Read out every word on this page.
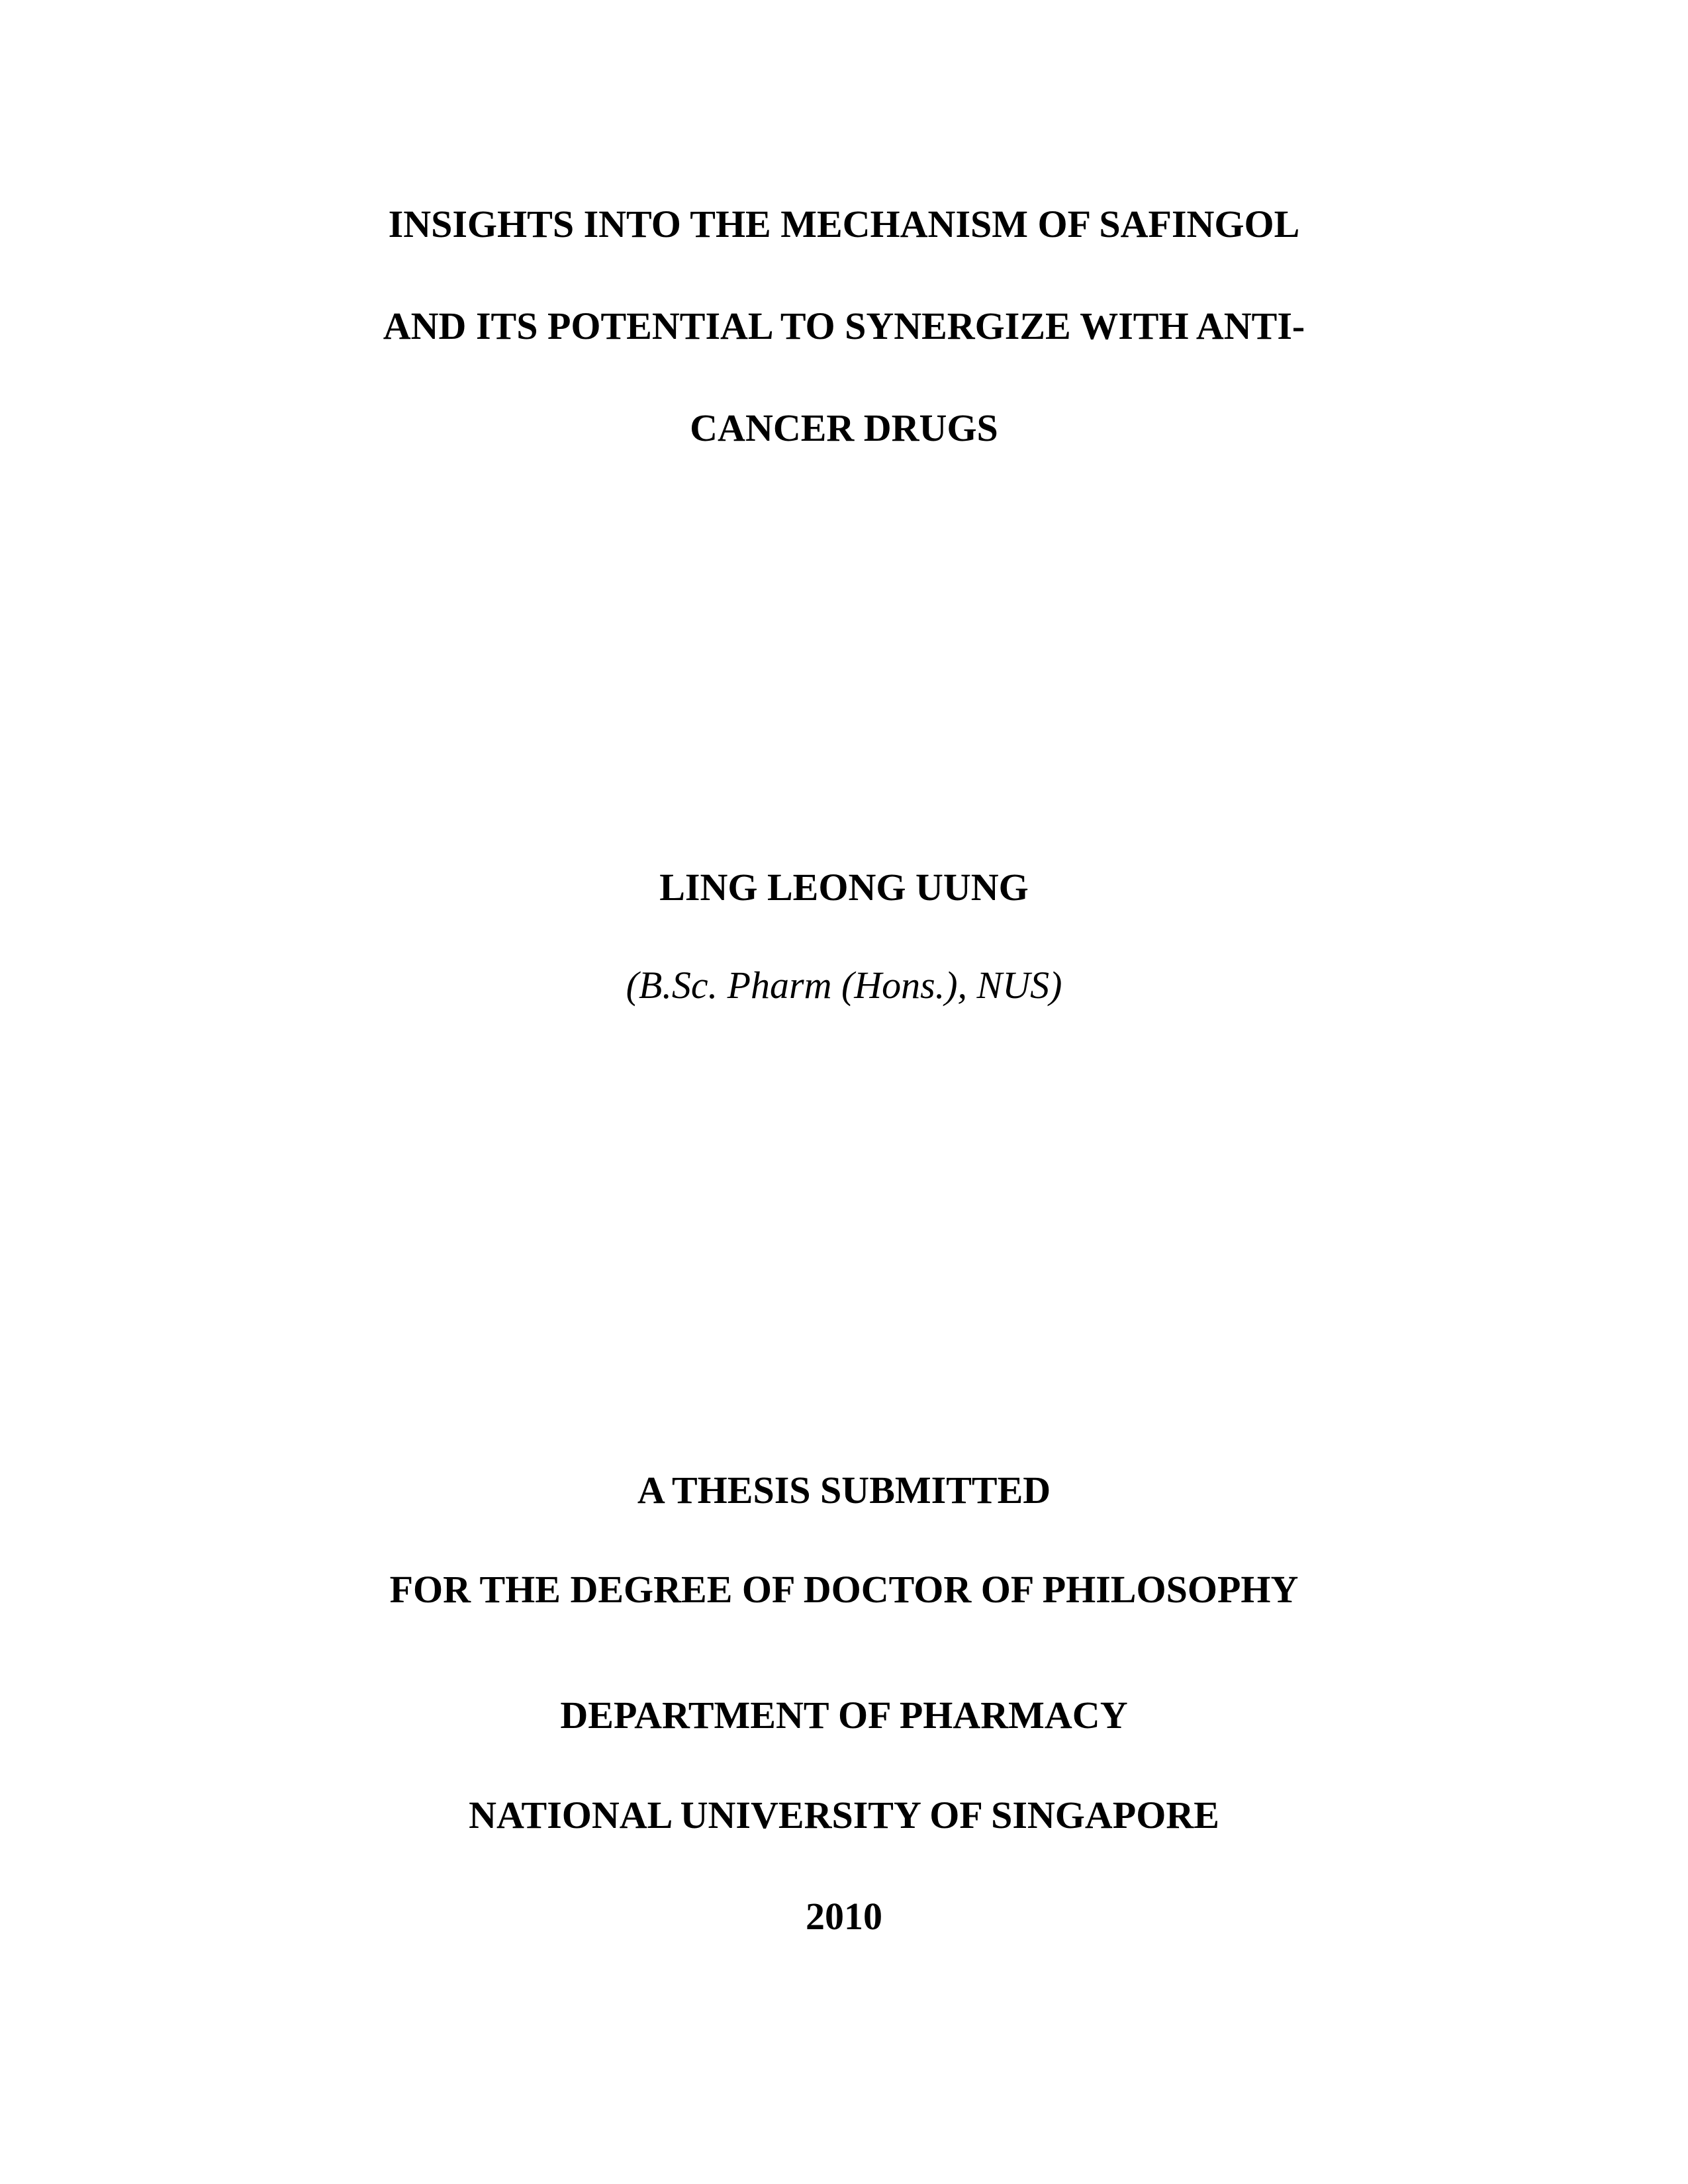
INSIGHTS INTO THE MECHANISM OF SAFINGOL
AND ITS POTENTIAL TO SYNERGIZE WITH ANTI-
CANCER DRUGS
LING LEONG UUNG
(B.Sc. Pharm (Hons.), NUS)
A THESIS SUBMITTED
FOR THE DEGREE OF DOCTOR OF PHILOSOPHY
DEPARTMENT OF PHARMACY
NATIONAL UNIVERSITY OF SINGAPORE
2010
